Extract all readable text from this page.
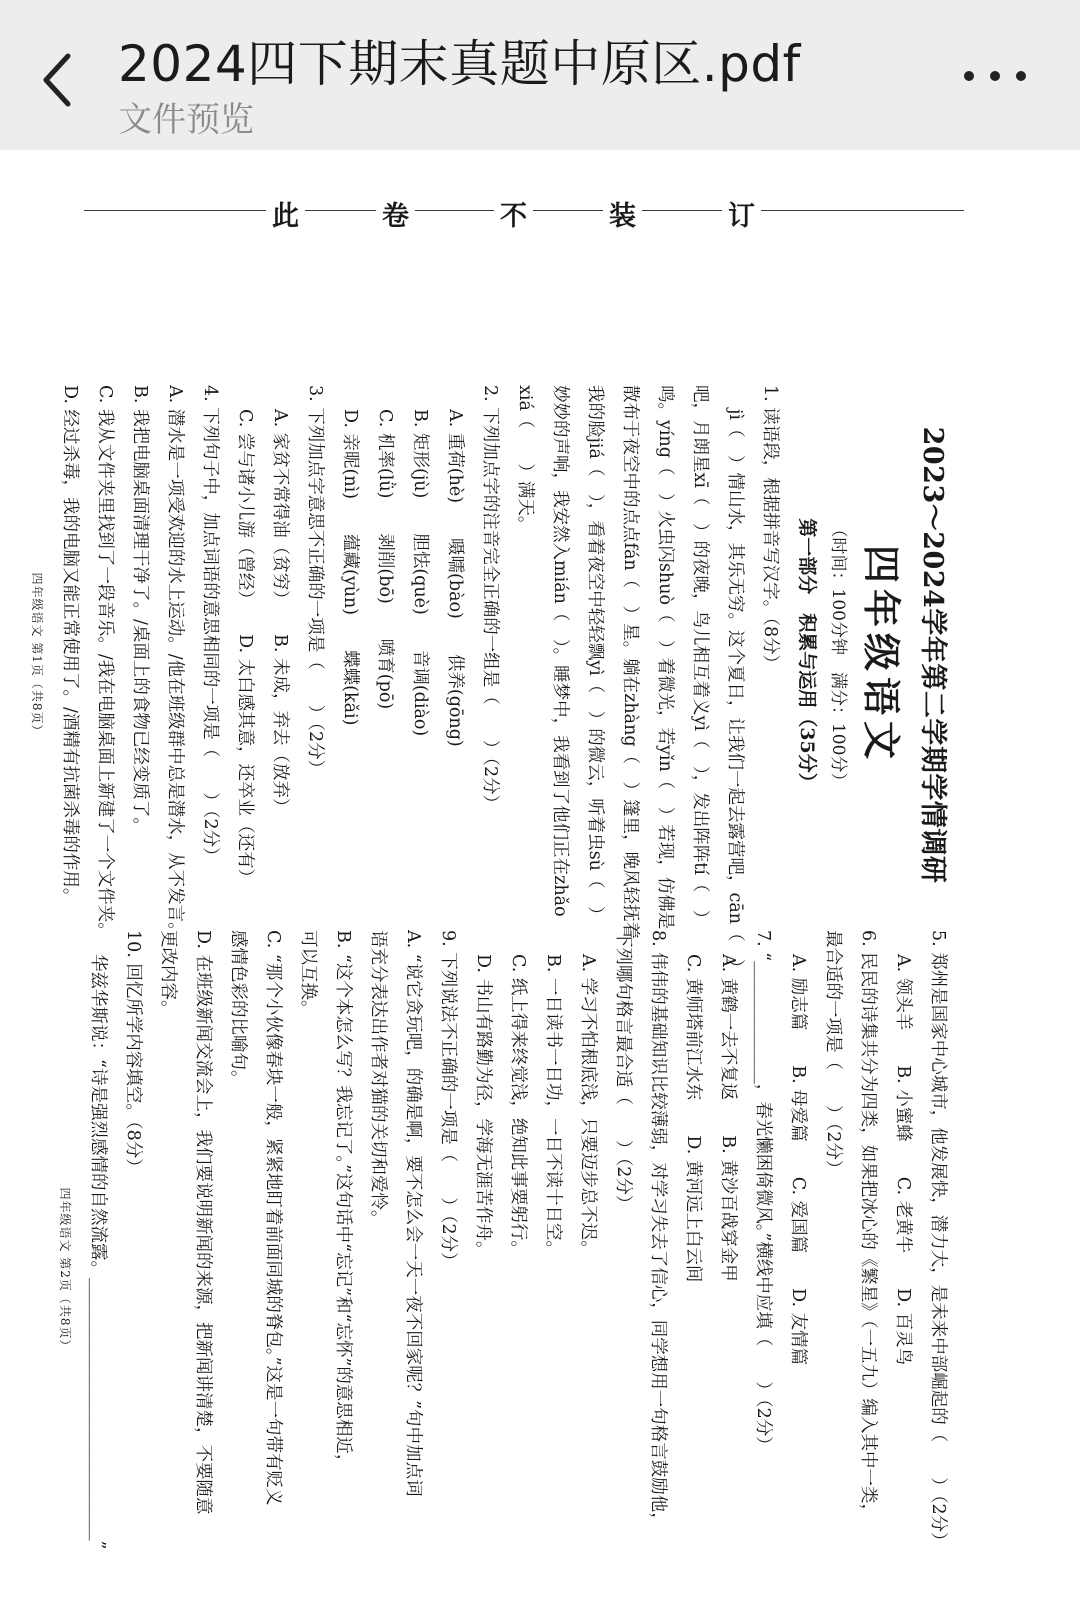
2024四下期末真题中原区.pdf
文件预览
此	卷	不	装	订
2023～2024学年第二学期学情调研
四年级语文
（时间：100分钟　满分：100分）
第一部分　积累与运用（35分）
1. 读语段，根据拼音写汉字。（8分）
jì（　）情山水，其乐无穷。这个夏日，让我们一起去露营吧，cān（　）
吧，月朗星xī（　）的夜晚，鸟儿相互着义yì（　），发出阵阵tí（　）
鸣。yíng（　）火虫闪shuò（　）着微光，若yǐn（　）若现，仿佛是
散布于夜空中的点点fán（　）星。躺在zhàng（　）篷里，晚风轻抚着
我的脸jiá（　），看着夜空中轻轻飘yì（　）的微云，听着虫sù（　）
妙妙的声响，我安然入mián（　）。睡梦中，我看到了他们正在zhǎo
xiá（　　）满天。
2. 下列加点字的注音完全正确的一组是（　　）（2分）
A. 重荷(hè)　　嗫嚅(bào)　　供养(gōng)
B. 矩形(jù)　　胆怯(què)　　音调(diào)
C. 机率(lǜ)　　剥削(bō)　　喷育(pō)
D. 亲昵(nì)　　蕴藏(yùn)　　蝶蝶(kǎi)
3. 下列加点字意思不正确的一项是（　　）（2分）
A. 家贫不常得油（贫穷）　　B. 未成，弃去（放弃）
C. 尝与诸小儿游（曾经）　　D. 太白感其意，还卒业（还有）
4. 下列句子中，加点词语的意思相同的一项是（　　）（2分）
A. 潜水是一项受欢迎的水上运动。/他在班级群中总是潜水，从不发言。
B. 我把电脑桌面清理干净了。/桌面上的食物已经变质了。
C. 我从文件夹里找到了一段音乐。/我在电脑桌面上新建了一个文件夹。
D. 经过杀毒，我的电脑又能正常使用了。/酒精有抗菌杀毒的作用。
四年级语文 第1页（共8页）
5. 郑州是国家中心城市，他发展快，潜力大，是未来中部崛起的（　　）（2分）
A. 领头羊　　B. 小蜜蜂　　C. 老黄牛　　D. 百灵鸟
6. 民民的诗集共分为四类，如果把冰心的《繁星》（一五九）编入其中一类，
最合适的一项是（　　）（2分）
A. 励志篇　　B. 母爱篇　　C. 爱国篇　　D. 友情篇
7. “______________，春光懒困倚微风。”横线中应填（　　）（2分）
A. 黄鹤一去不复返　　B. 黄沙百战穿金甲
C. 黄师塔前江水东　　D. 黄河远上白云间
8. 伟伟的基础知识比较薄弱，对学习失去了信心，同学想用一句格言鼓励他，
下列哪句格言最合适（　　）（2分）
A. 学习不怕根底浅，只要迈步总不迟。
B. 一日读书一日功，一日不读十日空。
C. 纸上得来终觉浅，绝知此事要躬行。
D. 书山有路勤为径，学海无涯苦作舟。
9. 下列说法不正确的一项是（　　）（2分）
A. “说它贪玩吧，的确是啊，要不怎么会一天一夜不回家呢？”句中加点词
语充分表达出作者对猫的关切和爱怜。
B. “这个本怎么写？我忘记了。”这句话中“忘记”和“忘怀”的意思相近，
可以互换。
C. “那个小伙像春块一般，紧紧地盯着前面同城的脊包。”这是一句带有贬义
感情色彩的比喻句。
D. 在班级新闻交流会上，我们要说明新闻的来源，把新闻讲清楚，不要随意
更改内容。
10. 回忆所学内容填空。（8分）
华兹华斯说：“诗是强烈感情的自然流露。______________________________”
四年级语文 第2页（共8页）
